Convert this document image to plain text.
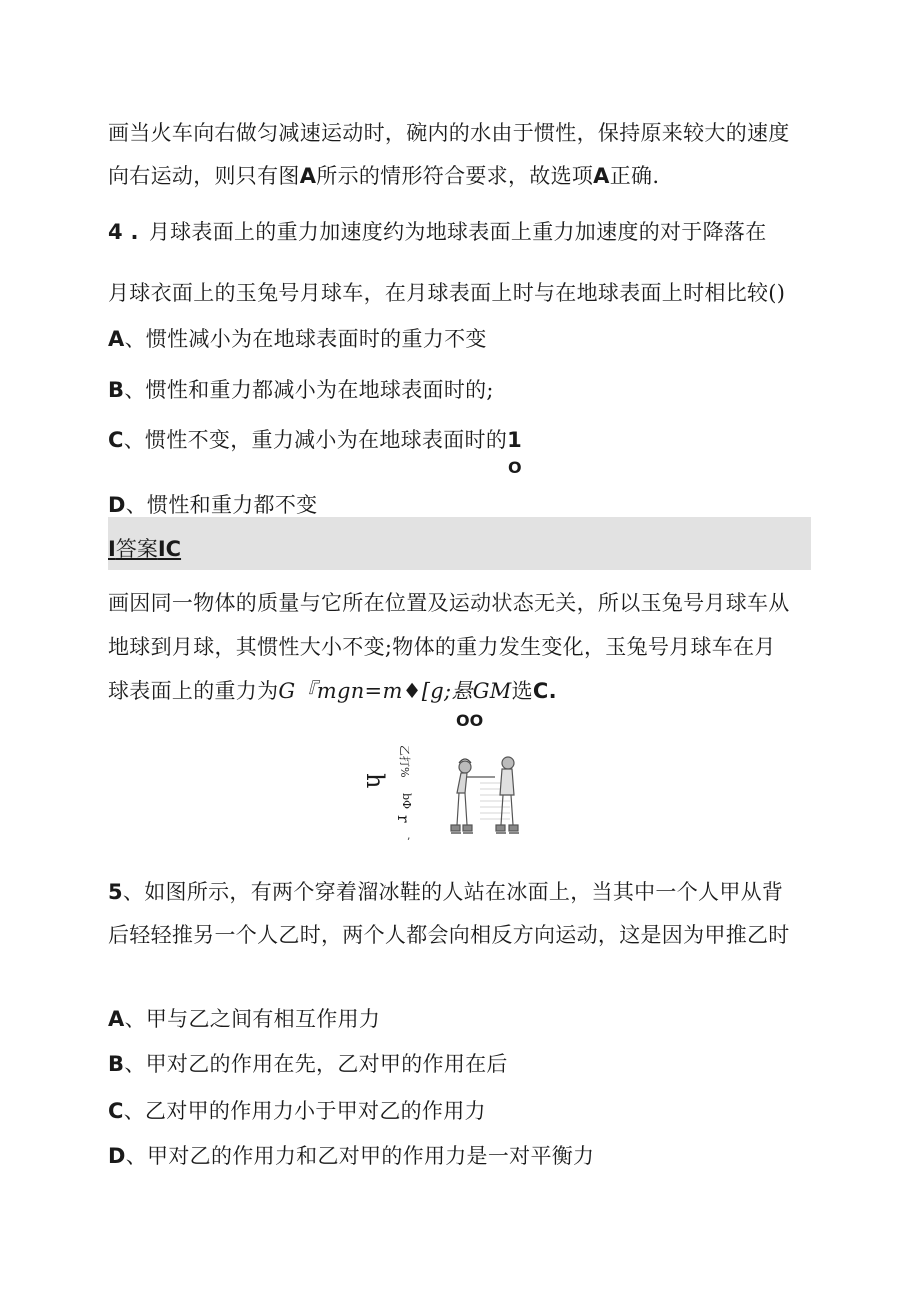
画当火车向右做匀减速运动时，碗内的水由于惯性，保持原来较大的速度
向右运动，则只有图A所示的情形符合要求，故选项A正确.
4 . 月球表面上的重力加速度约为地球表面上重力加速度的对于降落在
月球衣面上的玉兔号月球车，在月球表面上时与在地球表面上时相比较()
A、惯性减小为在地球表面时的重力不变
B、惯性和重力都减小为在地球表面时的;
C、惯性不变，重力减小为在地球表面时的1
O
D、惯性和重力都不变
I答案IC
画因同一物体的质量与它所在位置及运动状态无关，所以玉兔号月球车从
地球到月球，其惯性大小不变;物体的重力发生变化，玉兔号月球车在月
球表面上的重力为G『mgn=m♦[g;悬GM选C.
OO
乙打%
bΦ
h
r
’
5、如图所示，有两个穿着溜冰鞋的人站在冰面上，当其中一个人甲从背
后轻轻推另一个人乙时，两个人都会向相反方向运动，这是因为甲推乙时
A、甲与乙之间有相互作用力
B、甲对乙的作用在先，乙对甲的作用在后
C、乙对甲的作用力小于甲对乙的作用力
D、甲对乙的作用力和乙对甲的作用力是一对平衡力
